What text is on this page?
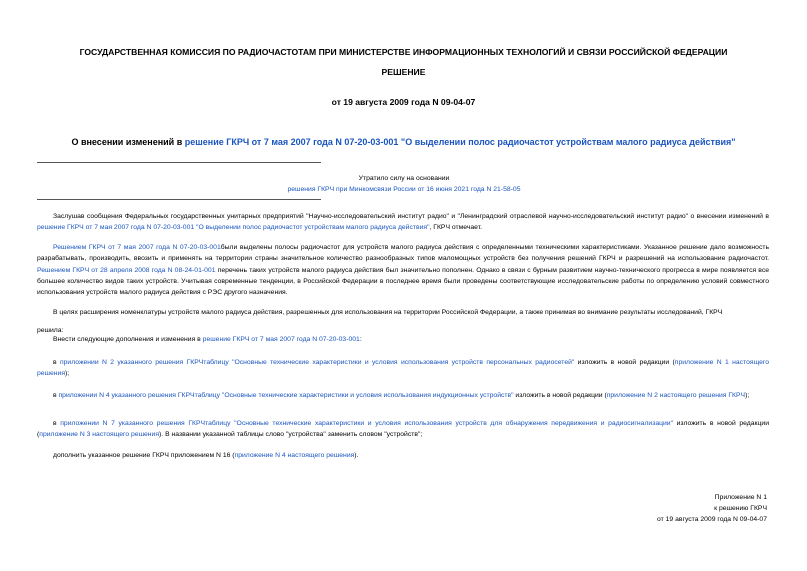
ГОСУДАРСТВЕННАЯ КОМИССИЯ ПО РАДИОЧАСТОТАМ ПРИ МИНИСТЕРСТВЕ ИНФОРМАЦИОННЫХ ТЕХНОЛОГИЙ И СВЯЗИ РОССИЙСКОЙ ФЕДЕРАЦИИ
РЕШЕНИЕ
от 19 августа 2009 года N 09-04-07
О внесении изменений в решение ГКРЧ от 7 мая 2007 года N 07-20-03-001 "О выделении полос радиочастот устройствам малого радиуса действия"
Утратило силу на основании
решения ГКРЧ при Минкомсвязи России от 16 июня 2021 года N 21-58-05
Заслушав сообщения Федеральных государственных унитарных предприятий "Научно-исследовательский институт радио" и "Ленинградский отраслевой научно-исследовательский институт радио" о внесении изменений в решение ГКРЧ от 7 мая 2007 года N 07-20-03-001 "О выделении полос радиочастот устройствам малого радиуса действия", ГКРЧ отмечает.
Решением ГКРЧ от 7 мая 2007 года N 07-20-03-001были выделены полосы радиочастот для устройств малого радиуса действия с определенными техническими характеристиками. Указанное решение дало возможность разрабатывать, производить, ввозить и применять на территории страны значительное количество разнообразных типов маломощных устройств без получения решений ГКРЧ и разрешений на использование радиочастот. Решением ГКРЧ от 28 апреля 2008 года N 08-24-01-001 перечень таких устройств малого радиуса действия был значительно пополнен. Однако в связи с бурным развитием научно-технического прогресса в мире появляется все большее количество видов таких устройств. Учитывая современные тенденции, в Российской Федерации в последнее время были проведены соответствующие исследовательские работы по определению условий совместного использования устройств малого радиуса действия с РЭС другого назначения.
В целях расширения номенклатуры устройств малого радиуса действия, разрешенных для использования на территории Российской Федерации, а также принимая во внимание результаты исследований, ГКРЧ
решила:
Внести следующие дополнения и изменения в решение ГКРЧ от 7 мая 2007 года N 07-20-03-001:
в приложении N 2 указанного решения ГКРЧтаблицу "Основные технические характеристики и условия использования устройств персональных радиосетей" изложить в новой редакции (приложение N 1 настоящего решения);
в приложении N 4 указанного решения ГКРЧтаблицу "Основные технические характеристики и условия использования индукционных устройств" изложить в новой редакции (приложение N 2 настоящего решения ГКРЧ);
в приложении N 7 указанного решения ГКРЧтаблицу "Основные технические характеристики и условия использования устройств для обнаружения передвижения и радиосигнализации" изложить в новой редакции (приложение N 3 настоящего решения). В названии указанной таблицы слово "устройства" заменить словом "устройств";
дополнить указанное решение ГКРЧ приложением N 16 (приложение N 4 настоящего решения).
Приложение N 1
к решению ГКРЧ
от 19 августа 2009 года N 09-04-07
